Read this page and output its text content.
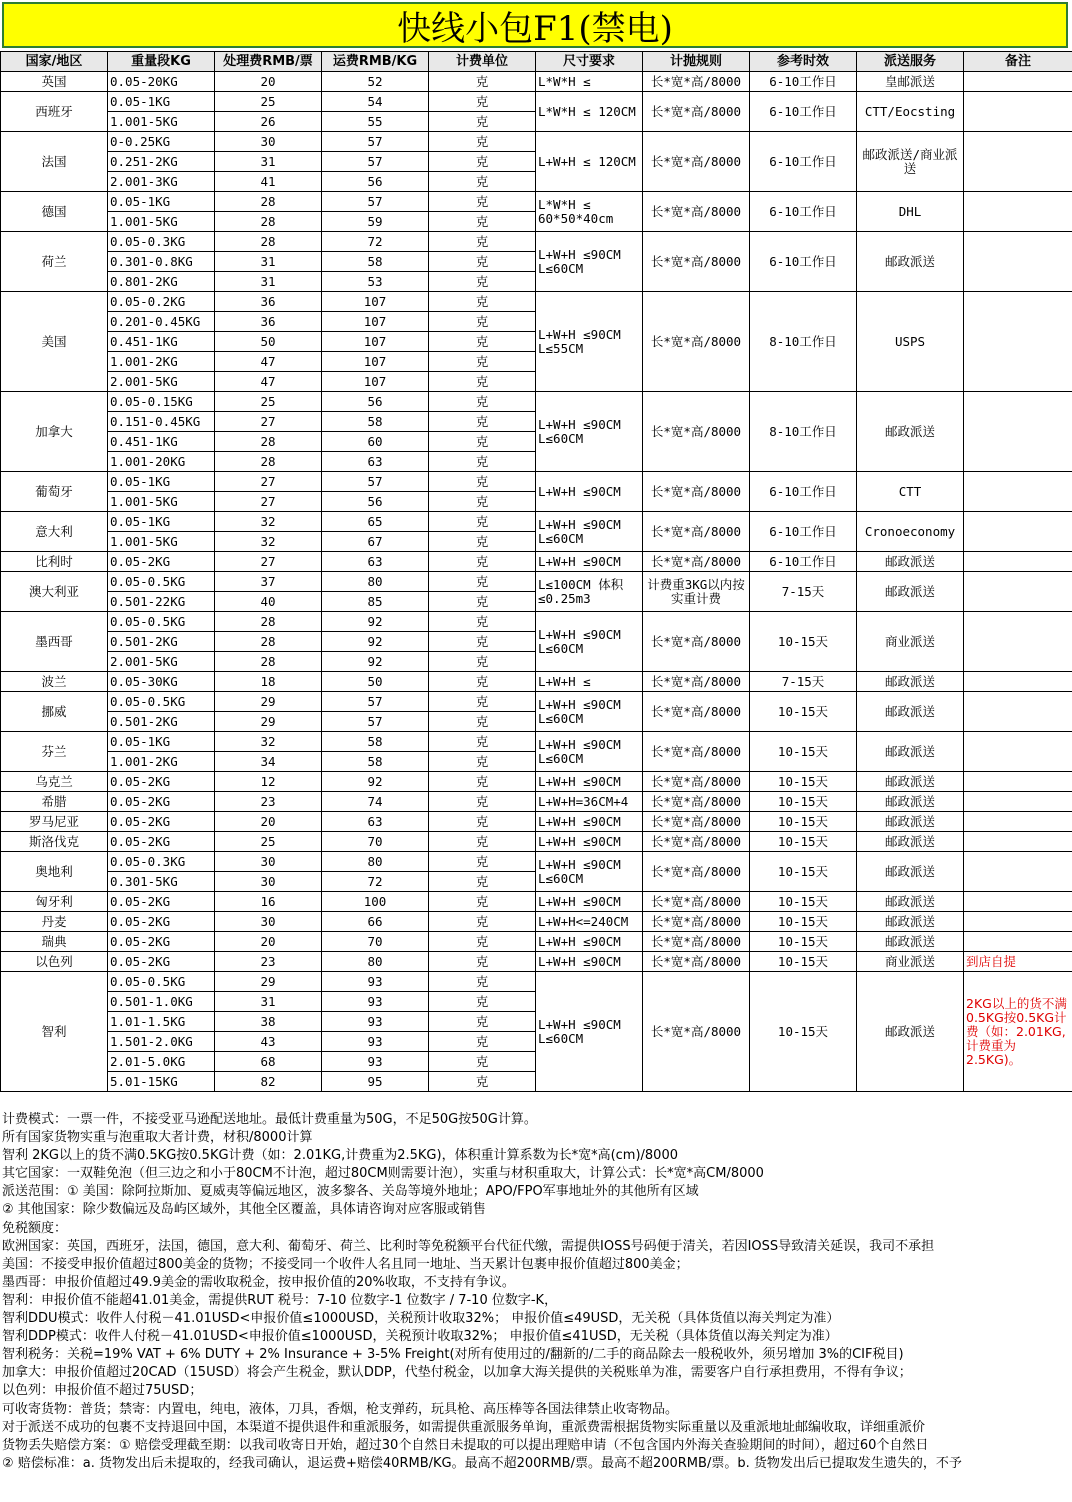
快线小包F1(禁电)
国家/地区	重量段KG	处理费RMB/票	运费RMB/KG	计费单位	尺寸要求	计抛规则	参考时效	派送服务	备注
英国	0.05-20KG	20	52	克	L*W*H ≤	长*宽*高/8000	6-10工作日	皇邮派送	
西班牙	0.05-1KG	25	54	克	L*W*H ≤ 120CM	长*宽*高/8000	6-10工作日	CTT/Eocsting	
	1.001-5KG	26	55	克					
法国	0-0.25KG	30	57	克	L+W+H ≤ 120CM	长*宽*高/8000	6-10工作日	邮政派送/商业派送	
	0.251-2KG	31	57	克					
	2.001-3KG	41	56	克					
德国	0.05-1KG	28	57	克	L*W*H ≤ 60*50*40cm	长*宽*高/8000	6-10工作日	DHL	
	1.001-5KG	28	59	克					
荷兰	0.05-0.3KG	28	72	克	L+W+H ≤90CM L≤60CM	长*宽*高/8000	6-10工作日	邮政派送	
	0.301-0.8KG	31	58	克					
	0.801-2KG	31	53	克					
美国	0.05-0.2KG	36	107	克	L+W+H ≤90CM L≤55CM	长*宽*高/8000	8-10工作日	USPS	
	0.201-0.45KG	36	107	克					
	0.451-1KG	50	107	克					
	1.001-2KG	47	107	克					
	2.001-5KG	47	107	克					
加拿大	0.05-0.15KG	25	56	克	L+W+H ≤90CM L≤60CM	长*宽*高/8000	8-10工作日	邮政派送	
	0.151-0.45KG	27	58	克					
	0.451-1KG	28	60	克					
	1.001-20KG	28	63	克					
葡萄牙	0.05-1KG	27	57	克	L+W+H ≤90CM	长*宽*高/8000	6-10工作日	CTT	
	1.001-5KG	27	56	克					
意大利	0.05-1KG	32	65	克	L+W+H ≤90CM L≤60CM	长*宽*高/8000	6-10工作日	Cronoeconomy	
	1.001-5KG	32	67	克					
比利时	0.05-2KG	27	63	克	L+W+H ≤90CM	长*宽*高/8000	6-10工作日	邮政派送	
澳大利亚	0.05-0.5KG	37	80	克	L≤100CM 体积≤0.25m3	计费重3KG以内按实重计费	7-15天	邮政派送	
	0.501-22KG	40	85	克					
墨西哥	0.05-0.5KG	28	92	克	L+W+H ≤90CM L≤60CM	长*宽*高/8000	10-15天	商业派送	
	0.501-2KG	28	92	克					
	2.001-5KG	28	92	克					
波兰	0.05-30KG	18	50	克	L+W+H ≤	长*宽*高/8000	7-15天	邮政派送	
挪威	0.05-0.5KG	29	57	克	L+W+H ≤90CM L≤60CM	长*宽*高/8000	10-15天	邮政派送	
	0.501-2KG	29	57	克					
芬兰	0.05-1KG	32	58	克	L+W+H ≤90CM L≤60CM	长*宽*高/8000	10-15天	邮政派送	
	1.001-2KG	34	58	克					
乌克兰	0.05-2KG	12	92	克	L+W+H ≤90CM	长*宽*高/8000	10-15天	邮政派送	
希腊	0.05-2KG	23	74	克	L+W+H=36CM+4	长*宽*高/8000	10-15天	邮政派送	
罗马尼亚	0.05-2KG	20	63	克	L+W+H ≤90CM	长*宽*高/8000	10-15天	邮政派送	
斯洛伐克	0.05-2KG	25	70	克	L+W+H ≤90CM	长*宽*高/8000	10-15天	邮政派送	
奥地利	0.05-0.3KG	30	80	克	L+W+H ≤90CM L≤60CM	长*宽*高/8000	10-15天	邮政派送	
	0.301-5KG	30	72	克					
匈牙利	0.05-2KG	16	100	克	L+W+H ≤90CM	长*宽*高/8000	10-15天	邮政派送	
丹麦	0.05-2KG	30	66	克	L+W+H<=240CM	长*宽*高/8000	10-15天	邮政派送	
瑞典	0.05-2KG	20	70	克	L+W+H ≤90CM	长*宽*高/8000	10-15天	邮政派送	
以色列	0.05-2KG	23	80	克	L+W+H ≤90CM	长*宽*高/8000	10-15天	商业派送	到店自提
智利	0.05-0.5KG	29	93	克	L+W+H ≤90CM L≤60CM	长*宽*高/8000	10-15天	邮政派送	2KG以上的货不满0.5KG按0.5KG计费（如：2.01KG,计费重为2.5KG)。
	0.501-1.0KG	31	93	克					
	1.01-1.5KG	38	93	克					
	1.501-2.0KG	43	93	克					
	2.01-5.0KG	68	93	克					
	5.01-15KG	82	95	克					
计费模式：一票一件，不接受亚马逊配送地址。最低计费重量为50G，不足50G按50G计算。
所有国家货物实重与泡重取大者计费，材积/8000计算
智利 2KG以上的货不满0.5KG按0.5KG计费（如：2.01KG,计费重为2.5KG)，体积重计算系数为长*宽*高(cm)/8000
其它国家：一双鞋免泡（但三边之和小于80CM不计泡，超过80CM则需要计泡），实重与材积重取大，计算公式：长*宽*高CM/8000
派送范围：① 美国：除阿拉斯加、夏威夷等偏远地区，波多黎各、关岛等境外地址；APO/FPO军事地址外的其他所有区域
② 其他国家：除少数偏远及岛屿区域外，其他全区覆盖，具体请咨询对应客服或销售
免税额度：
欧洲国家：英国，西班牙，法国，德国，意大利、葡萄牙、荷兰、比利时等免税额平台代征代缴，需提供IOSS号码便于清关，若因IOSS导致清关延误，我司不承担
美国：不接受申报价值超过800美金的货物；不接受同一个收件人名且同一地址、当天累计包裹申报价值超过800美金；
墨西哥：申报价值超过49.9美金的需收取税金，按申报价值的20%收取，不支持有争议。
智利：申报价值不能超41.01美金，需提供RUT 税号：7-10 位数字-1 位数字 / 7-10 位数字-K，
智利DDU模式：收件人付税－41.01USD<申报价值≤1000USD，关税预计收取32%； 申报价值≤49USD，无关税（具体货值以海关判定为准）
智利DDP模式：收件人付税－41.01USD<申报价值≤1000USD，关税预计收取32%； 申报价值≤41USD，无关税（具体货值以海关判定为准）
智利税务：关税=19% VAT + 6% DUTY + 2% Insurance + 3-5% Freight(对所有使用过的/翻新的/二手的商品除去一般税收外，须另增加 3%的CIF税目)
加拿大：申报价值超过20CAD（15USD）将会产生税金，默认DDP，代垫付税金，以加拿大海关提供的关税账单为准，需要客户自行承担费用，不得有争议；
以色列：申报价值不超过75USD；
可收寄货物：普货；禁寄：内置电，纯电，液体，刀具，香烟，枪支弹药，玩具枪、高压棒等各国法律禁止收寄物品。
对于派送不成功的包裹不支持退回中国，本渠道不提供退件和重派服务，如需提供重派服务单询，重派费需根据货物实际重量以及重派地址邮编收取，详细重派价
货物丢失赔偿方案：① 赔偿受理截至期：以我司收寄日开始，超过30个自然日未提取的可以提出理赔申请（不包含国内外海关查验期间的时间），超过60个自然日
② 赔偿标准：a. 货物发出后未提取的，经我司确认，退运费+赔偿40RMB/KG。最高不超200RMB/票。最高不超200RMB/票。b. 货物发出后已提取发生遗失的，不予
